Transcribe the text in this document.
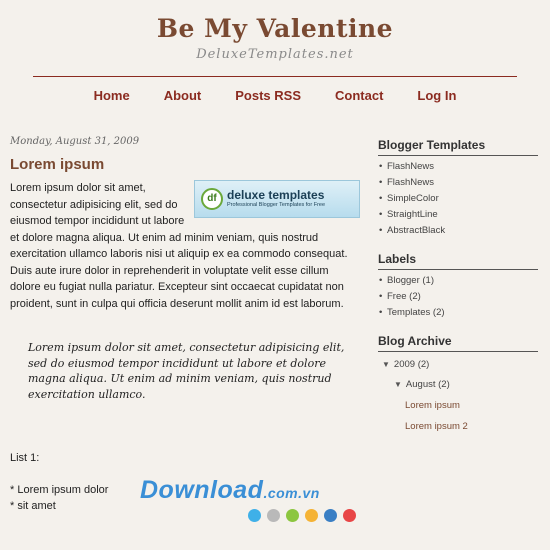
Be My Valentine
DeluxeTemplates.net
Home	About	Posts RSS	Contact	Log In
Monday, August 31, 2009
Lorem ipsum
df deluxe templates
Professional Blogger Templates for Free
Lorem ipsum dolor sit amet, consectetur adipisicing elit, sed do eiusmod tempor incididunt ut labore et dolore magna aliqua. Ut enim ad minim veniam, quis nostrud exercitation ullamco laboris nisi ut aliquip ex ea commodo consequat. Duis aute irure dolor in reprehenderit in voluptate velit esse cillum dolore eu fugiat nulla pariatur. Excepteur sint occaecat cupidatat non proident, sunt in culpa qui officia deserunt mollit anim id est laborum.
Lorem ipsum dolor sit amet, consectetur adipisicing elit, sed do eiusmod tempor incididunt ut labore et dolore magna aliqua. Ut enim ad minim veniam, quis nostrud exercitation ullamco.
List 1:
* Lorem ipsum dolor
* sit amet
Blogger Templates
• FlashNews
• FlashNews
• SimpleColor
• StraightLine
• AbstractBlack
Labels
• Blogger (1)
• Free (2)
• Templates (2)
Blog Archive
▼ 2009 (2)
▼ August (2)
Lorem ipsum
Lorem ipsum 2
Download.com.vn
